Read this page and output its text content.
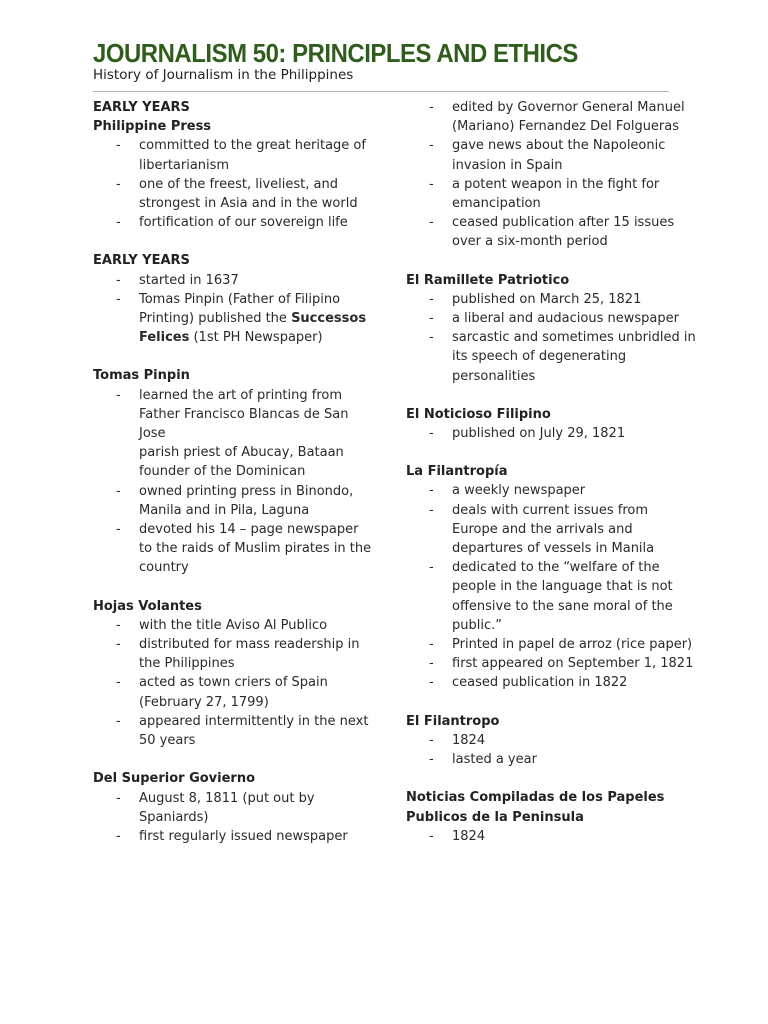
JOURNALISM 50: PRINCIPLES AND ETHICS
History of Journalism in the Philippines
EARLY YEARS
Philippine Press
- committed to the great heritage of libertarianism
- one of the freest, liveliest, and strongest in Asia and in the world
- fortification of our sovereign life
EARLY YEARS
- started in 1637
- Tomas Pinpin (Father of Filipino Printing) published the Successos Felices (1st PH Newspaper)
Tomas Pinpin
- learned the art of printing from Father Francisco Blancas de San Jose
parish priest of Abucay, Bataan
founder of the Dominican
- owned printing press in Binondo, Manila and in Pila, Laguna
- devoted his 14 – page newspaper to the raids of Muslim pirates in the country
Hojas Volantes
- with the title Aviso Al Publico
- distributed for mass readership in the Philippines
- acted as town criers of Spain (February 27, 1799)
- appeared intermittently in the next 50 years
Del Superior Govierno
- August 8, 1811 (put out by Spaniards)
- first regularly issued newspaper
- edited by Governor General Manuel (Mariano) Fernandez Del Folgueras
- gave news about the Napoleonic invasion in Spain
- a potent weapon in the fight for emancipation
- ceased publication after 15 issues over a six-month period
El Ramillete Patriotico
- published on March 25, 1821
- a liberal and audacious newspaper
- sarcastic and sometimes unbridled in its speech of degenerating personalities
El Noticioso Filipino
- published on July 29, 1821
La Filantropía
- a weekly newspaper
- deals with current issues from Europe and the arrivals and departures of vessels in Manila
- dedicated to the “welfare of the people in the language that is not offensive to the sane moral of the public.”
- Printed in papel de arroz (rice paper)
- first appeared on September 1, 1821
- ceased publication in 1822
El Filantropo
- 1824
- lasted a year
Noticias Compiladas de los Papeles Publicos de la Peninsula
- 1824
